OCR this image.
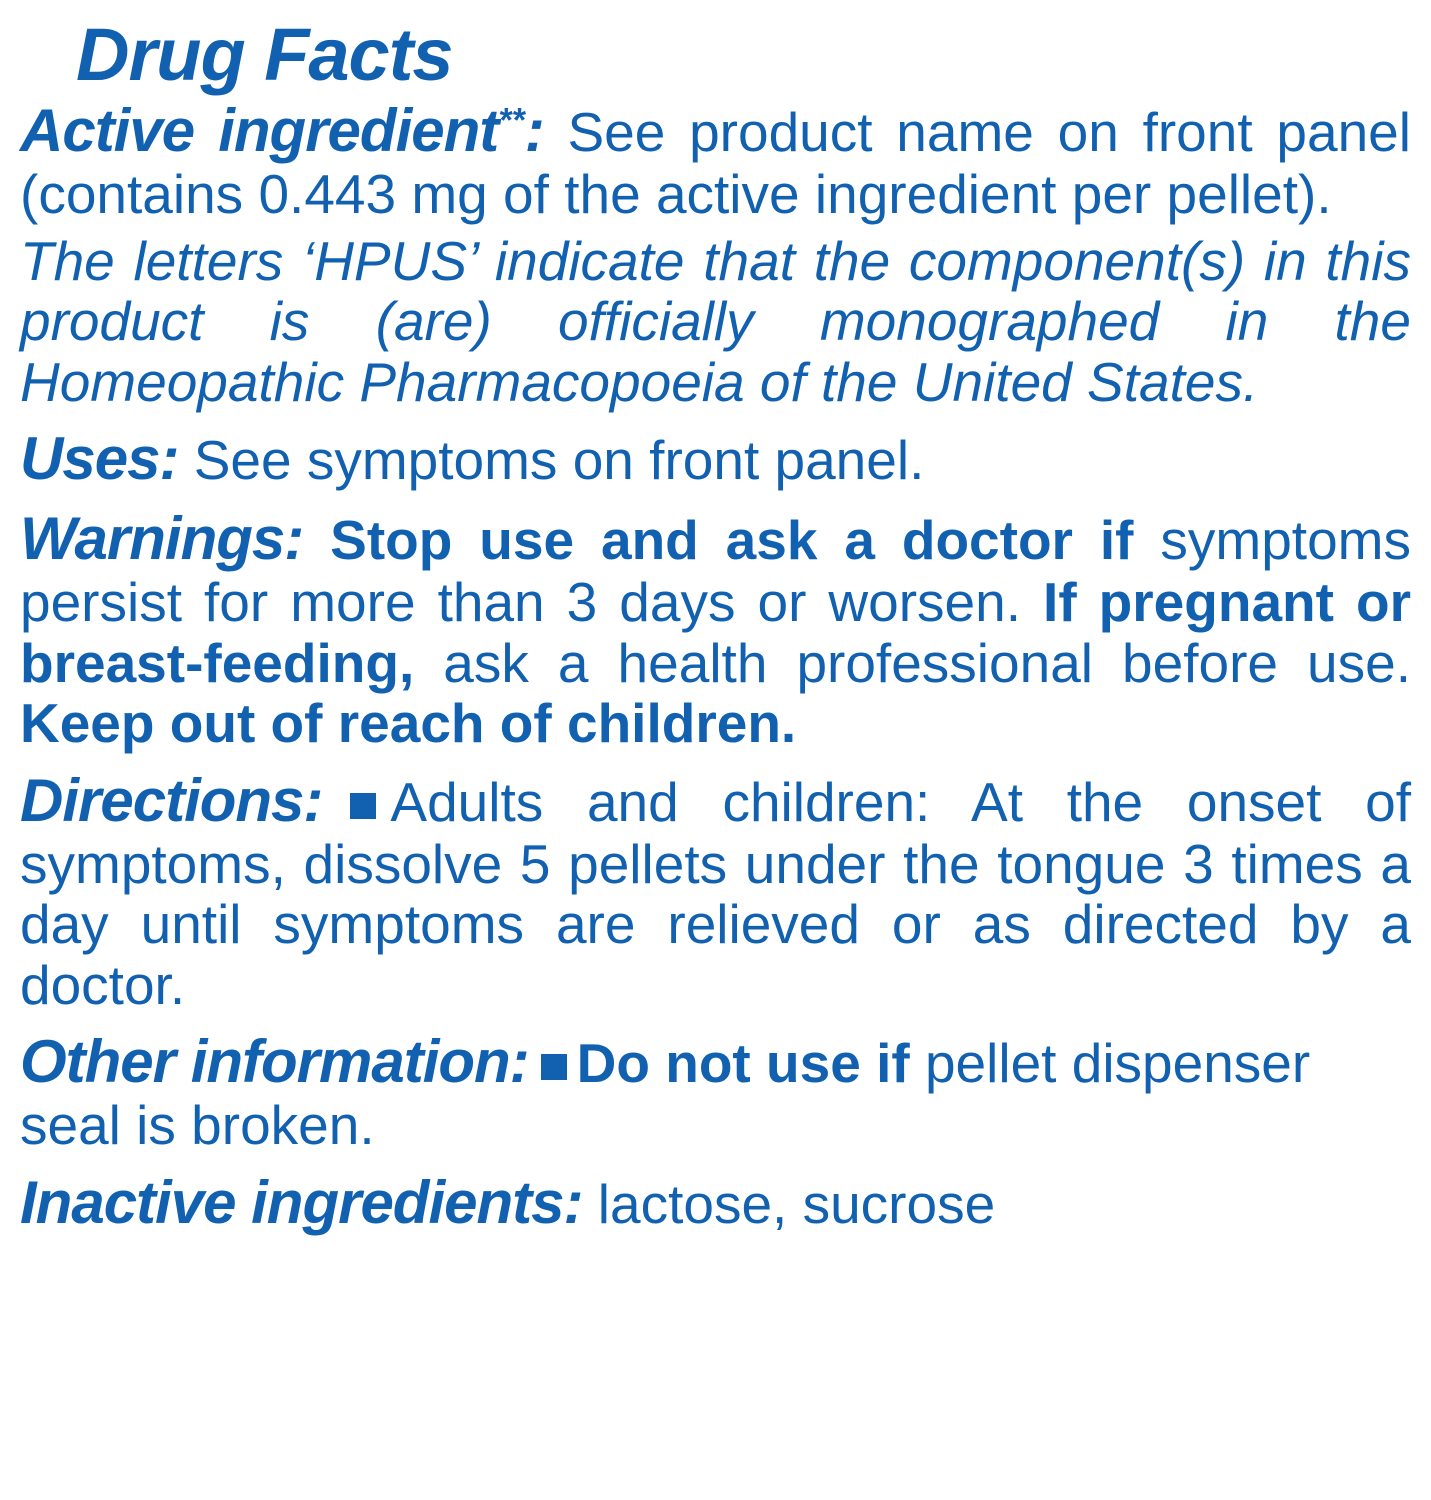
Drug Facts

Active ingredient**: See product name on front panel (contains 0.443 mg of the active ingredient per pellet).

The letters ‘HPUS’ indicate that the component(s) in this product is (are) officially monographed in the Homeopathic Pharmacopoeia of the United States.

Uses: See symptoms on front panel.

Warnings: Stop use and ask a doctor if symptoms persist for more than 3 days or worsen. If pregnant or breast-feeding, ask a health professional before use. Keep out of reach of children.

Directions: Adults and children: At the onset of symptoms, dissolve 5 pellets under the tongue 3 times a day until symptoms are relieved or as directed by a doctor.

Other information: Do not use if pellet dispenser seal is broken.

Inactive ingredients: lactose, sucrose
